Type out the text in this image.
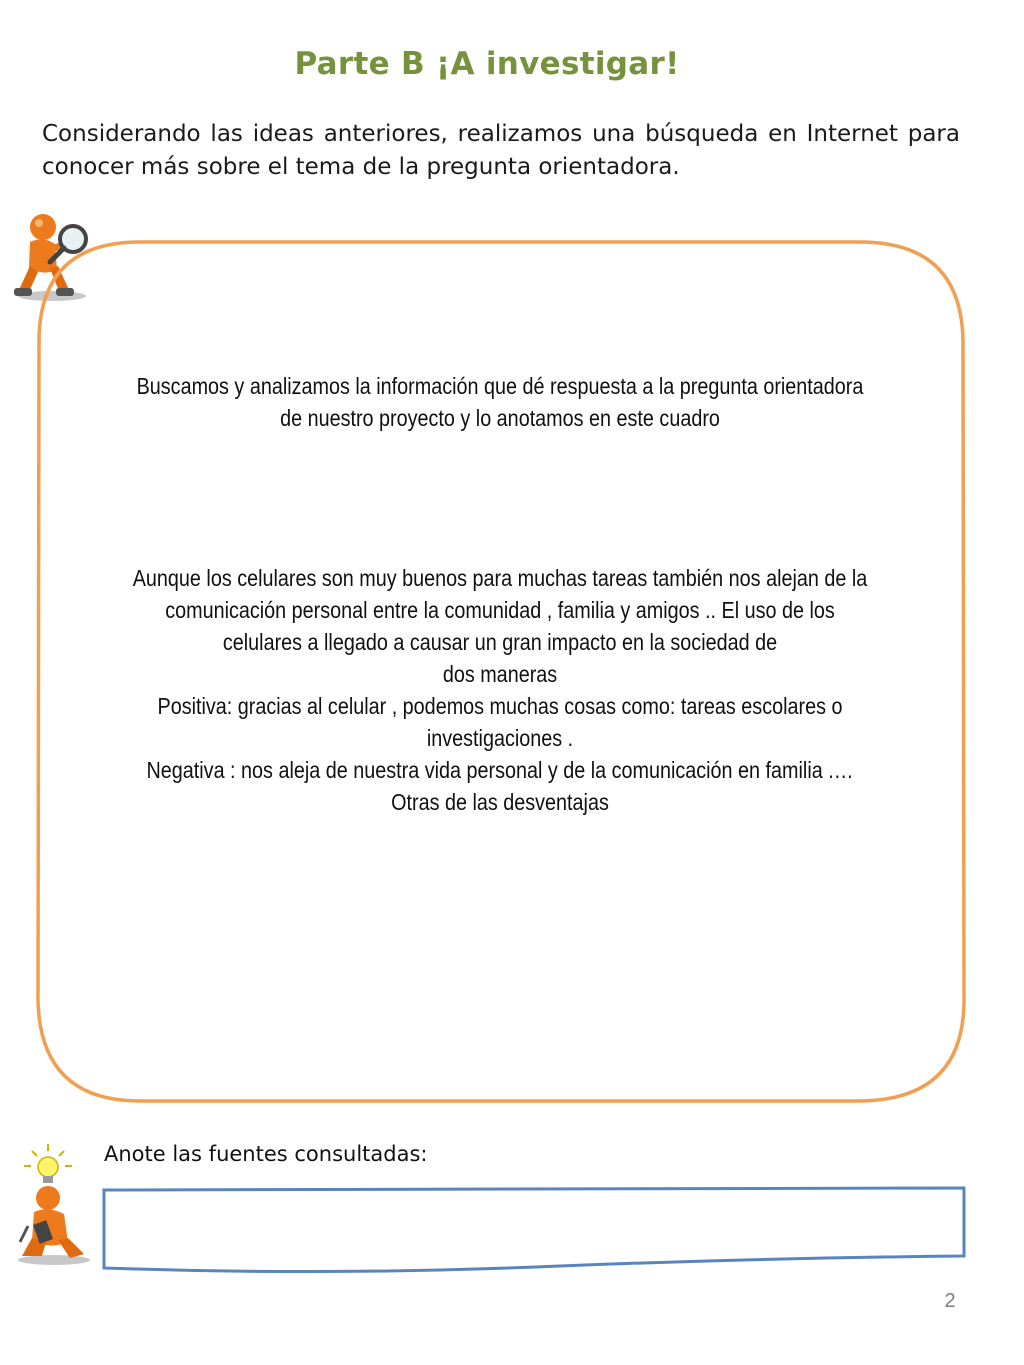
Parte B ¡A investigar!
Considerando las ideas anteriores, realizamos una búsqueda en Internet para conocer más sobre el tema de la pregunta orientadora.

Buscamos y analizamos la información que dé respuesta a la pregunta orientadora

de nuestro proyecto y lo anotamos en este cuadro

Aunque los celulares son muy buenos para muchas tareas también nos alejan de la

comunicación personal entre la comunidad , familia y amigos .. El uso de los

celulares a llegado a causar un gran impacto en la sociedad de

dos maneras

Positiva: gracias al celular , podemos muchas cosas como: tareas escolares o

investigaciones .

Negativa : nos aleja de nuestra vida personal y de la comunicación en familia .…

Otras de las desventajas

Anote las fuentes consultadas:
2
